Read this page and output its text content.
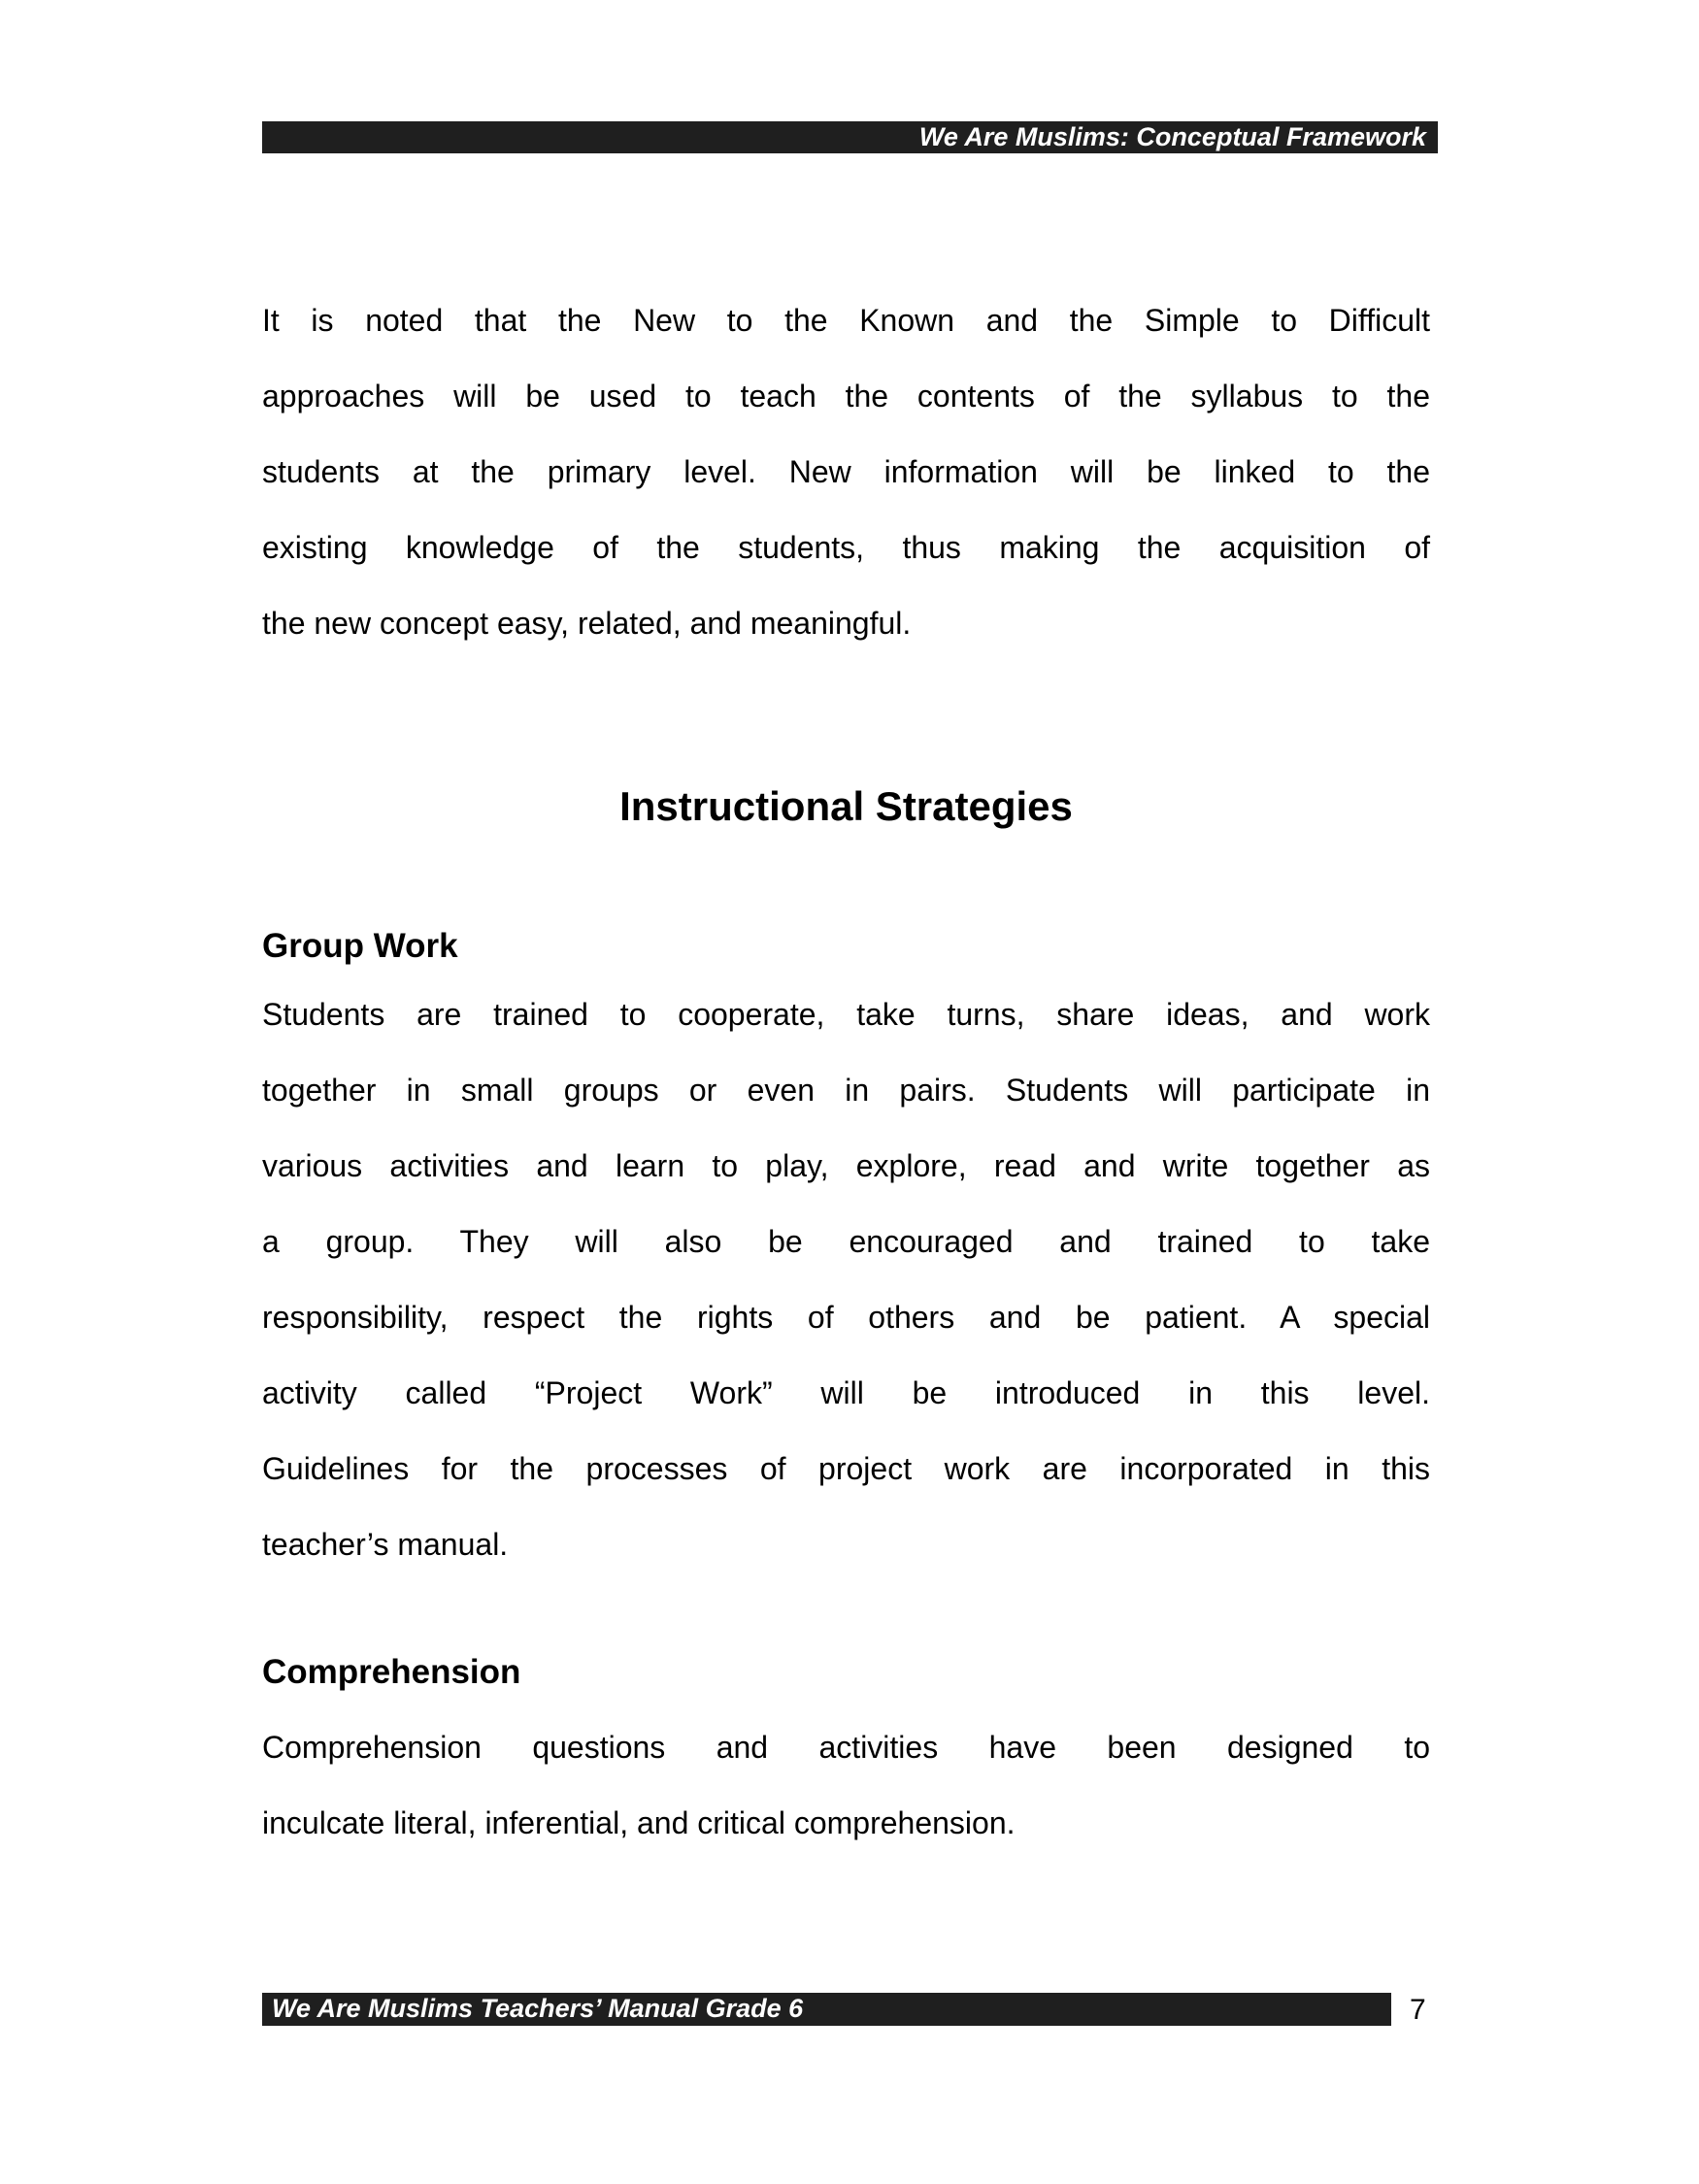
We Are Muslims: Conceptual Framework
It is noted that the New to the Known and the Simple to Difficult
approaches will be used to teach the contents of the syllabus to the
students at the primary level. New information will be linked to the
existing knowledge of the students, thus making the acquisition of
the new concept easy, related, and meaningful.
Instructional Strategies
Group Work
Students are trained to cooperate, take turns, share ideas, and work
together in small groups or even in pairs. Students will participate in
various activities and learn to play, explore, read and write together as
a group. They will also be encouraged and trained to take
responsibility, respect the rights of others and be patient. A special
activity called “Project Work” will be introduced in this level.
Guidelines for the processes of project work are incorporated in this
teacher’s manual.
Comprehension
Comprehension questions and activities have been designed to
inculcate literal, inferential, and critical comprehension.
We Are Muslims Teachers’ Manual Grade 6	7
